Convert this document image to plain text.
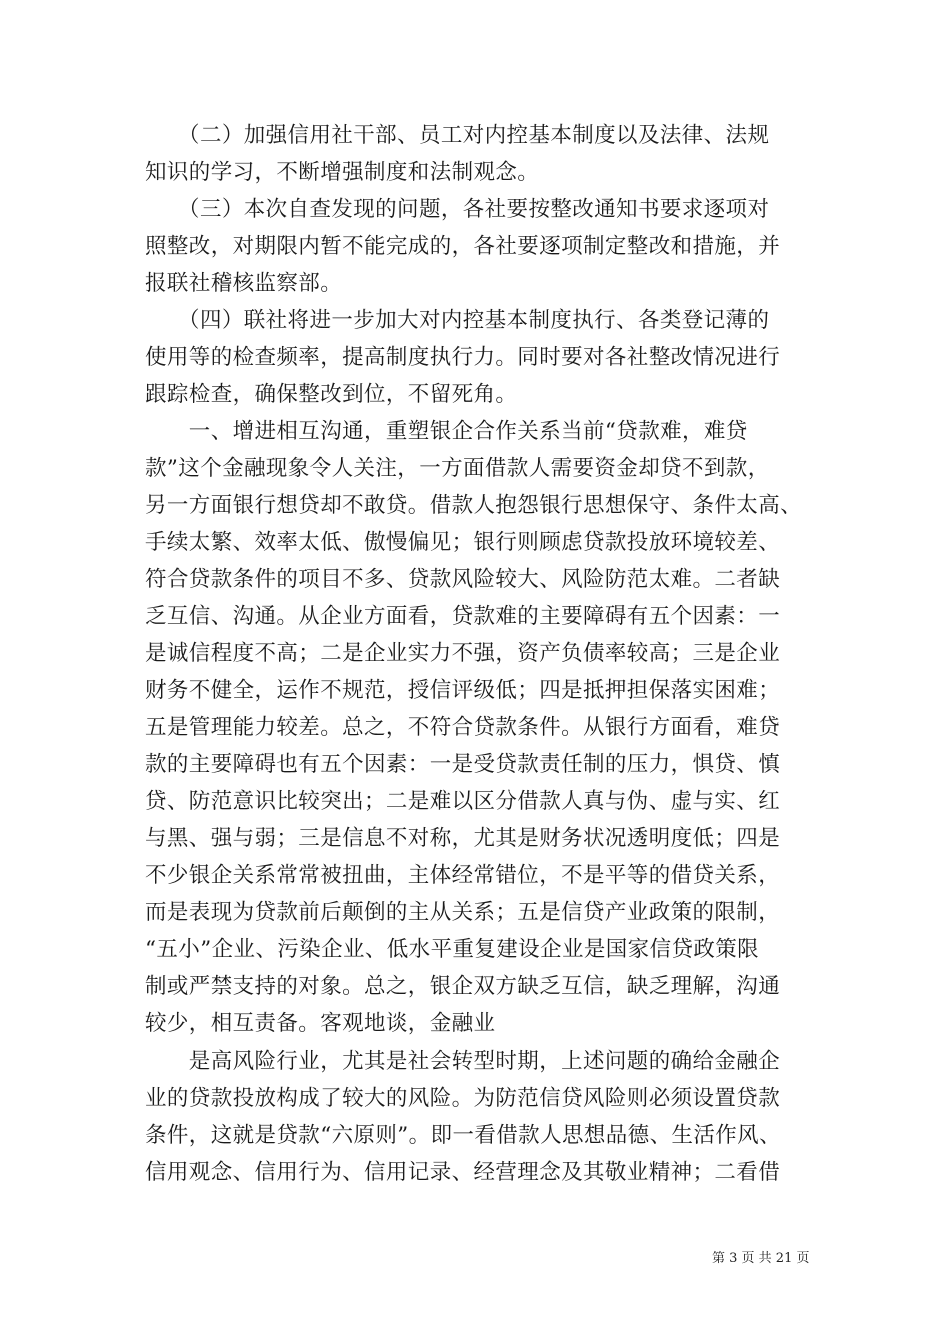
　　（二）加强信用社干部、员工对内控基本制度以及法律、法规
知识的学习，不断增强制度和法制观念。
　　（三）本次自查发现的问题，各社要按整改通知书要求逐项对
照整改，对期限内暂不能完成的，各社要逐项制定整改和措施，并
报联社稽核监察部。
　　（四）联社将进一步加大对内控基本制度执行、各类登记薄的
使用等的检查频率，提高制度执行力。同时要对各社整改情况进行
跟踪检查，确保整改到位，不留死角。
　　一、增进相互沟通，重塑银企合作关系当前“贷款难，难贷
款”这个金融现象令人关注，一方面借款人需要资金却贷不到款，
另一方面银行想贷却不敢贷。借款人抱怨银行思想保守、条件太高、
手续太繁、效率太低、傲慢偏见；银行则顾虑贷款投放环境较差、
符合贷款条件的项目不多、贷款风险较大、风险防范太难。二者缺
乏互信、沟通。从企业方面看，贷款难的主要障碍有五个因素：一
是诚信程度不高；二是企业实力不强，资产负债率较高；三是企业
财务不健全，运作不规范，授信评级低；四是抵押担保落实困难；
五是管理能力较差。总之，不符合贷款条件。从银行方面看，难贷
款的主要障碍也有五个因素：一是受贷款责任制的压力，惧贷、慎
贷、防范意识比较突出；二是难以区分借款人真与伪、虚与实、红
与黑、强与弱；三是信息不对称，尤其是财务状况透明度低；四是
不少银企关系常常被扭曲，主体经常错位，不是平等的借贷关系，
而是表现为贷款前后颠倒的主从关系；五是信贷产业政策的限制，
“五小”企业、污染企业、低水平重复建设企业是国家信贷政策限
制或严禁支持的对象。总之，银企双方缺乏互信，缺乏理解，沟通
较少，相互责备。客观地谈，金融业
　　是高风险行业，尤其是社会转型时期，上述问题的确给金融企
业的贷款投放构成了较大的风险。为防范信贷风险则必须设置贷款
条件，这就是贷款“六原则”。即一看借款人思想品德、生活作风、
信用观念、信用行为、信用记录、经营理念及其敬业精神；二看借
第 3 页 共 21 页
